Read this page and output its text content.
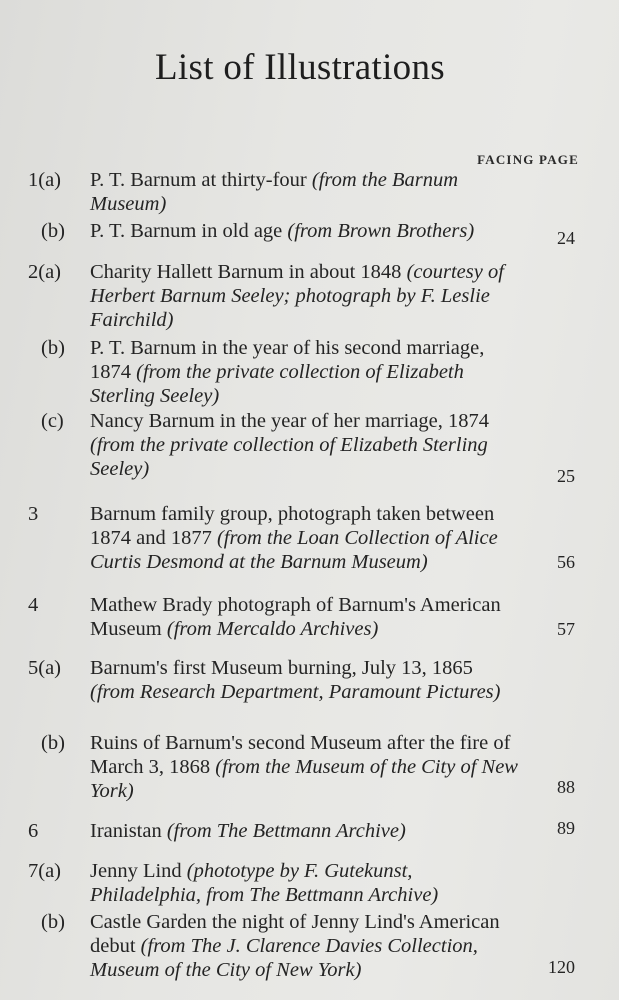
List of Illustrations
FACING PAGE
1(a) P. T. Barnum at thirty-four (from the Barnum Museum)
(b) P. T. Barnum in old age (from Brown Brothers)	24
2(a) Charity Hallett Barnum in about 1848 (courtesy of Herbert Barnum Seeley; photograph by F. Leslie Fairchild)
(b) P. T. Barnum in the year of his second marriage, 1874 (from the private collection of Elizabeth Sterling Seeley)
(c) Nancy Barnum in the year of her marriage, 1874 (from the private collection of Elizabeth Sterling Seeley)	25
3	Barnum family group, photograph taken between 1874 and 1877 (from the Loan Collection of Alice Curtis Desmond at the Barnum Museum)	56
4	Mathew Brady photograph of Barnum's American Museum (from Mercaldo Archives)	57
5(a) Barnum's first Museum burning, July 13, 1865 (from Research Department, Paramount Pictures)
(b) Ruins of Barnum's second Museum after the fire of March 3, 1868 (from the Museum of the City of New York)	88
6	Iranistan (from The Bettmann Archive)	89
7(a) Jenny Lind (phototype by F. Gutekunst, Philadelphia, from The Bettmann Archive)
(b) Castle Garden the night of Jenny Lind's American debut (from The J. Clarence Davies Collection, Museum of the City of New York)	120
